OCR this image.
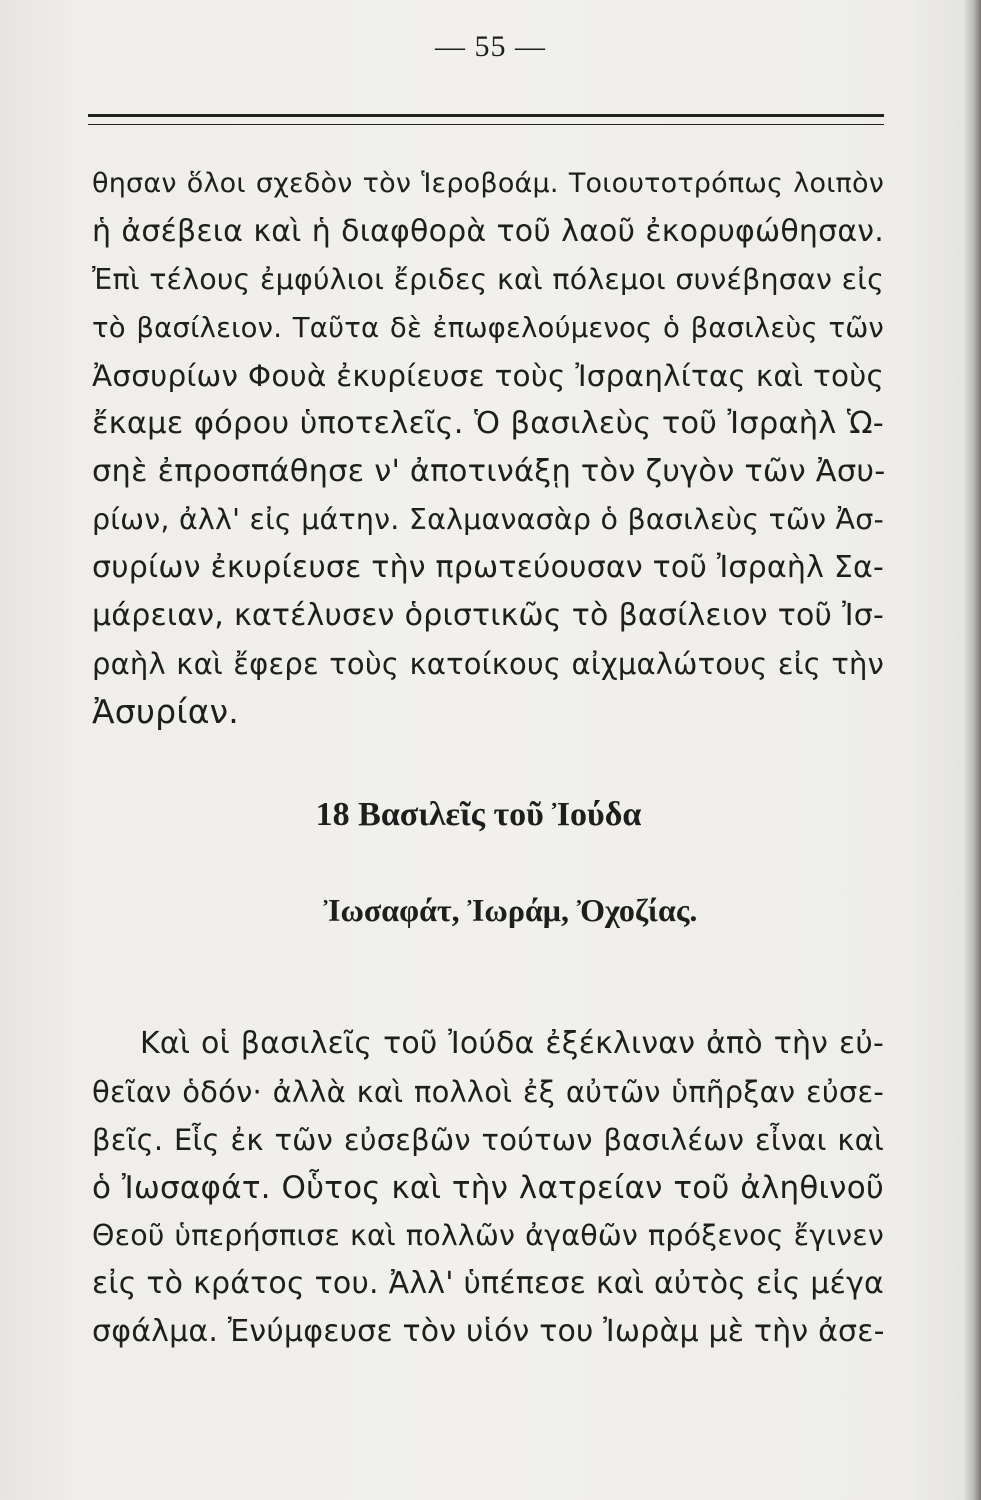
— 55 —
θησαν ὅλοι σχεδὸν τὸν Ἱεροβοάμ. Τοιουτοτρόπως λοιπὸν
ἡ ἀσέβεια καὶ ἡ διαφθορὰ τοῦ λαοῦ ἐκορυφώθησαν.
Ἐπὶ τέλους ἐμφύλιοι ἔριδες καὶ πόλεμοι συνέβησαν εἰς
τὸ βασίλειον. Ταῦτα δὲ ἐπωφελούμενος ὁ βασιλεὺς τῶν
Ἀσσυρίων Φουὰ ἐκυρίευσε τοὺς Ἰσραηλίτας καὶ τοὺς
ἔκαμε φόρου ὑποτελεῖς. Ὁ βασιλεὺς τοῦ Ἰσραὴλ Ὡ-
σηὲ ἐπροσπάθησε ν' ἀποτινάξῃ τὸν ζυγὸν τῶν Ἀσυ-
ρίων, ἀλλ' εἰς μάτην. Σαλμανασὰρ ὁ βασιλεὺς τῶν Ἀσ-
συρίων ἐκυρίευσε τὴν πρωτεύουσαν τοῦ Ἰσραὴλ Σα-
μάρειαν, κατέλυσεν ὁριστικῶς τὸ βασίλειον τοῦ Ἰσ-
ραὴλ καὶ ἔφερε τοὺς κατοίκους αἰχμαλώτους εἰς τὴν
Ἀσυρίαν.
18 Βασιλεῖς τοῦ Ἰούδα
Ἰωσαφάτ, Ἰωράμ, Ὀχοζίας.
Καὶ οἱ βασιλεῖς τοῦ Ἰούδα ἐξέκλιναν ἀπὸ τὴν εὐ-
θεῖαν ὁδόν· ἀλλὰ καὶ πολλοὶ ἐξ αὐτῶν ὑπῆρξαν εὐσε-
βεῖς. Εἷς ἐκ τῶν εὐσεβῶν τούτων βασιλέων εἶναι καὶ
ὁ Ἰωσαφάτ. Οὗτος καὶ τὴν λατρείαν τοῦ ἀληθινοῦ
Θεοῦ ὑπερήσπισε καὶ πολλῶν ἀγαθῶν πρόξενος ἔγινεν
εἰς τὸ κράτος του. Ἀλλ' ὑπέπεσε καὶ αὐτὸς εἰς μέγα
σφάλμα. Ἐνύμφευσε τὸν υἱόν του Ἰωρὰμ μὲ τὴν ἀσε-
